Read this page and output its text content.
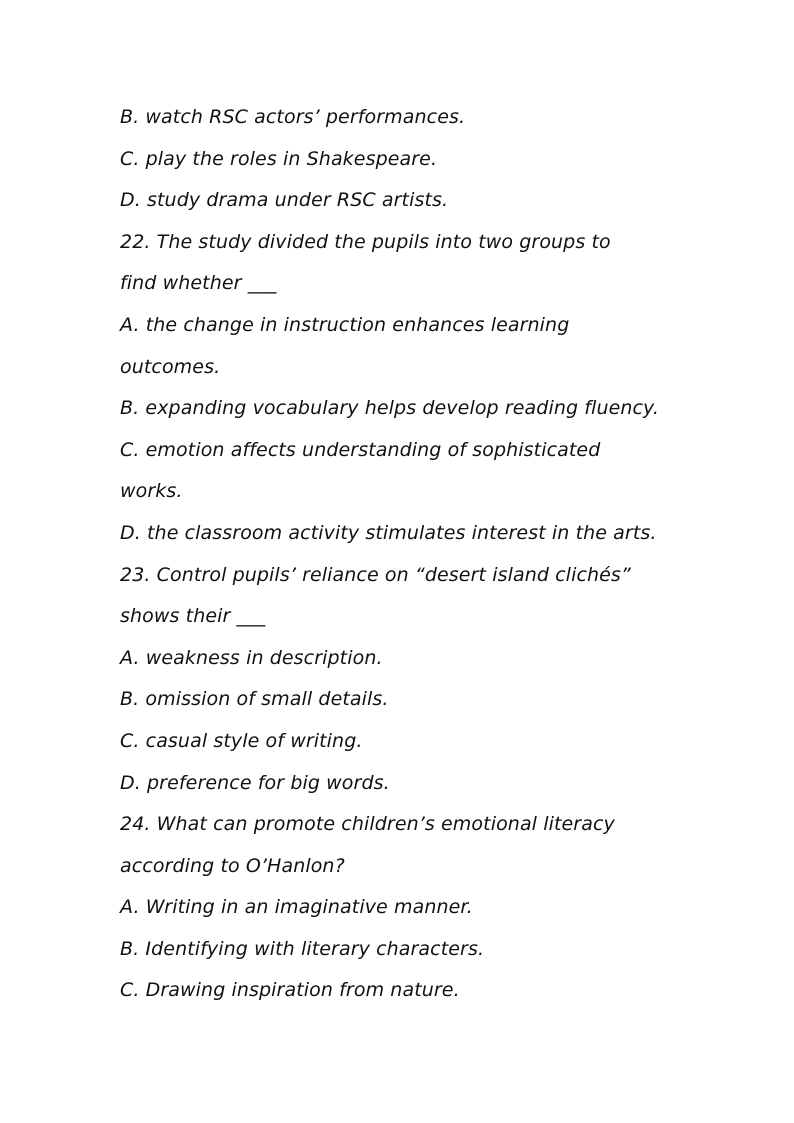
B. watch RSC actors’ performances.
C. play the roles in Shakespeare.
D. study drama under RSC artists.
22. The study divided the pupils into two groups to
find whether ___
A. the change in instruction enhances learning
outcomes.
B. expanding vocabulary helps develop reading fluency.
C. emotion affects understanding of sophisticated
works.
D. the classroom activity stimulates interest in the arts.
23. Control pupils’ reliance on “desert island clichés”
shows their ___
A. weakness in description.
B. omission of small details.
C. casual style of writing.
D. preference for big words.
24. What can promote children’s emotional literacy
according to O’Hanlon?
A. Writing in an imaginative manner.
B. Identifying with literary characters.
C. Drawing inspiration from nature.
